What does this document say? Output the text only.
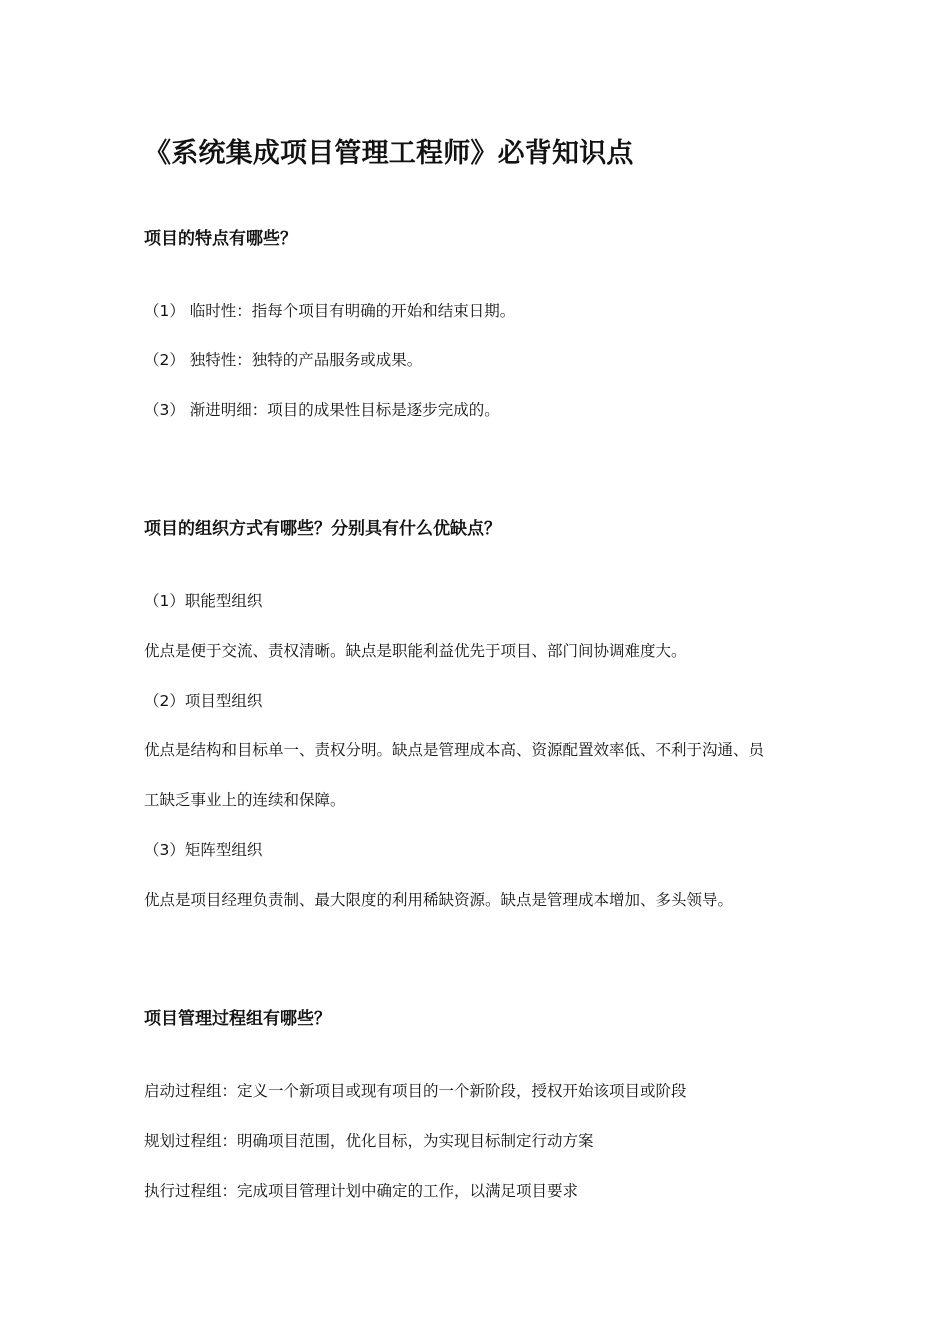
《系统集成项目管理工程师》必背知识点
项目的特点有哪些？

（1） 临时性：指每个项目有明确的开始和结束日期。

（2） 独特性：独特的产品服务或成果。

（3） 渐进明细：项目的成果性目标是逐步完成的。

项目的组织方式有哪些？分别具有什么优缺点？

（1）职能型组织

优点是便于交流、责权清晰。缺点是职能利益优先于项目、部门间协调难度大。

（2）项目型组织

优点是结构和目标单一、责权分明。缺点是管理成本高、资源配置效率低、不利于沟通、员

工缺乏事业上的连续和保障。

（3）矩阵型组织

优点是项目经理负责制、最大限度的利用稀缺资源。缺点是管理成本增加、多头领导。

项目管理过程组有哪些？

启动过程组：定义一个新项目或现有项目的一个新阶段，授权开始该项目或阶段

规划过程组：明确项目范围，优化目标，为实现目标制定行动方案

执行过程组：完成项目管理计划中确定的工作，以满足项目要求
